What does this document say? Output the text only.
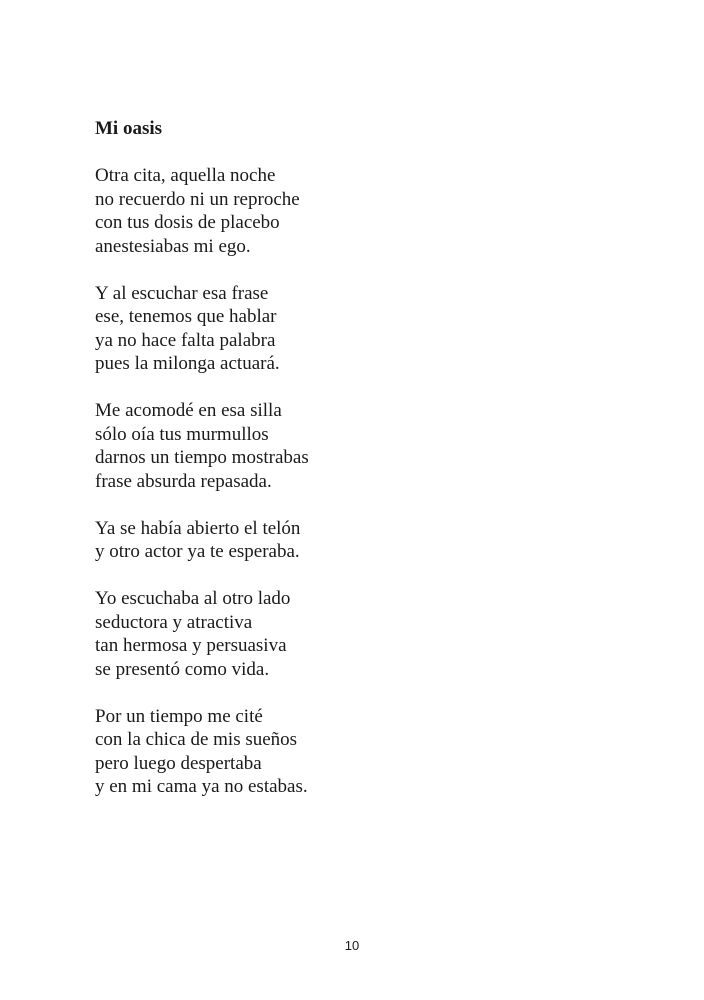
Mi oasis
Otra cita, aquella noche
no recuerdo ni un reproche
con tus dosis de placebo
anestesiabas mi ego.
Y al escuchar esa frase
ese, tenemos que hablar
ya no hace falta palabra
pues la milonga actuará.
Me acomodé en esa silla
sólo oía tus murmullos
darnos un tiempo mostrabas
frase absurda repasada.
Ya se había abierto el telón
y otro actor ya te esperaba.
Yo escuchaba al otro lado
seductora y atractiva
tan hermosa y persuasiva
se presentó como vida.
Por un tiempo me cité
con la chica de mis sueños
pero luego despertaba
y en mi cama ya no estabas.
10
